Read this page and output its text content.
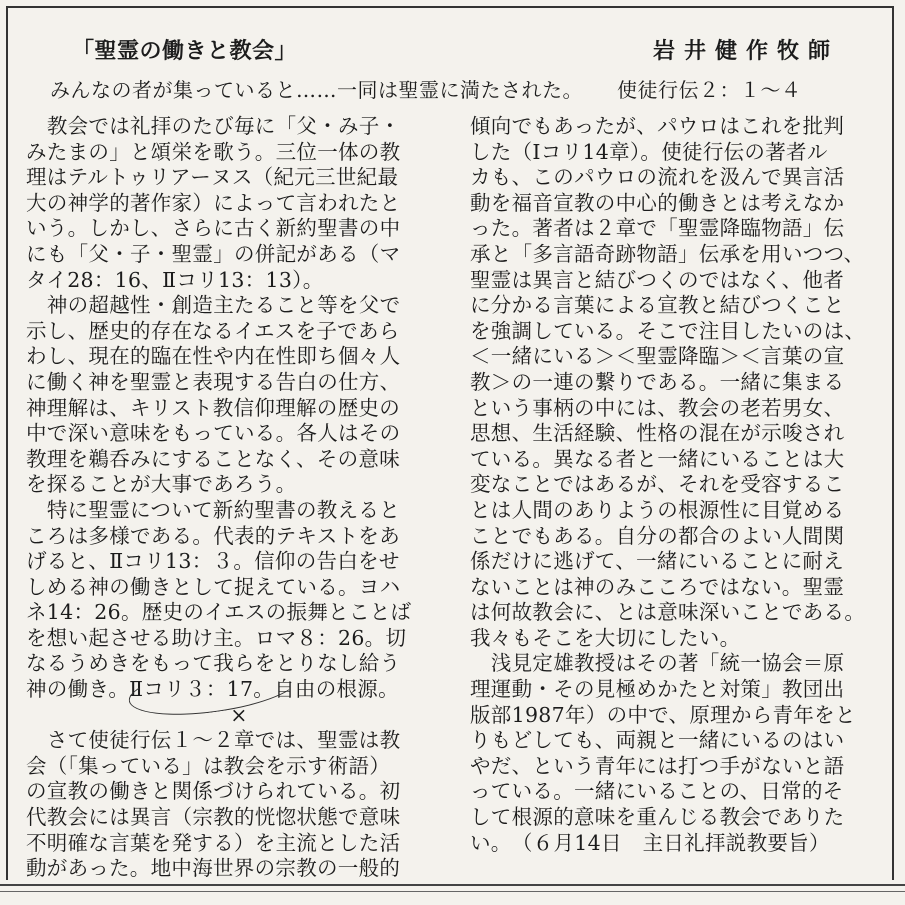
「聖霊の働きと教会」	岩井健作牧師
みんなの者が集っていると……一同は聖霊に満たされた。 使徒行伝２：１〜４

教会では礼拝のたび毎に「父・み子・

みたまの」と頌栄を歌う。三位一体の教

理はテルトゥリアーヌス（紀元三世紀最

大の神学的著作家）によって言われたと

いう。しかし、さらに古く新約聖書の中

にも「父・子・聖霊」の併記がある（マ

タイ28：16、Ⅱコリ13：13）。

神の超越性・創造主たること等を父で

示し、歴史的存在なるイエスを子であら

わし、現在的臨在性や内在性即ち個々人

に働く神を聖霊と表現する告白の仕方、

神理解は、キリスト教信仰理解の歴史の

中で深い意味をもっている。各人はその

教理を鵜呑みにすることなく、その意味

を探ることが大事であろう。

特に聖霊について新約聖書の教えると

ころは多様である。代表的テキストをあ

げると、Ⅱコリ13：３。信仰の告白をせ

しめる神の働きとして捉えている。ヨハ

ネ14：26。歴史のイエスの振舞とことば

を想い起させる助け主。ロマ８：26。切

なるうめきをもって我らをとりなし給う

神の働き。Ⅱコリ３：17。自由の根源。

×

さて使徒行伝１〜２章では、聖霊は教

会（「集っている」は教会を示す術語）

の宣教の働きと関係づけられている。初

代教会には異言（宗教的恍惚状態で意味

不明確な言葉を発する）を主流とした活

動があった。地中海世界の宗教の一般的

傾向でもあったが、パウロはこれを批判

した（Ⅰコリ14章）。使徒行伝の著者ル

カも、このパウロの流れを汲んで異言活

動を福音宣教の中心的働きとは考えなか

った。著者は２章で「聖霊降臨物語」伝

承と「多言語奇跡物語」伝承を用いつつ、

聖霊は異言と結びつくのではなく、他者

に分かる言葉による宣教と結びつくこと

を強調している。そこで注目したいのは、

＜一緒にいる＞＜聖霊降臨＞＜言葉の宣

教＞の一連の繋りである。一緒に集まる

という事柄の中には、教会の老若男女、

思想、生活経験、性格の混在が示唆され

ている。異なる者と一緒にいることは大

変なことではあるが、それを受容するこ

とは人間のありようの根源性に目覚める

ことでもある。自分の都合のよい人間関

係だけに逃げて、一緒にいることに耐え

ないことは神のみこころではない。聖霊

は何故教会に、とは意味深いことである。

我々もそこを大切にしたい。

浅見定雄教授はその著「統一協会＝原

理運動・その見極めかたと対策」教団出

版部1987年）の中で、原理から青年をと

りもどしても、両親と一緒にいるのはい

やだ、という青年には打つ手がないと語

っている。一緒にいることの、日常的そ

して根源的意味を重んじる教会でありた

い。　（６月14日　主日礼拝説教要旨）
